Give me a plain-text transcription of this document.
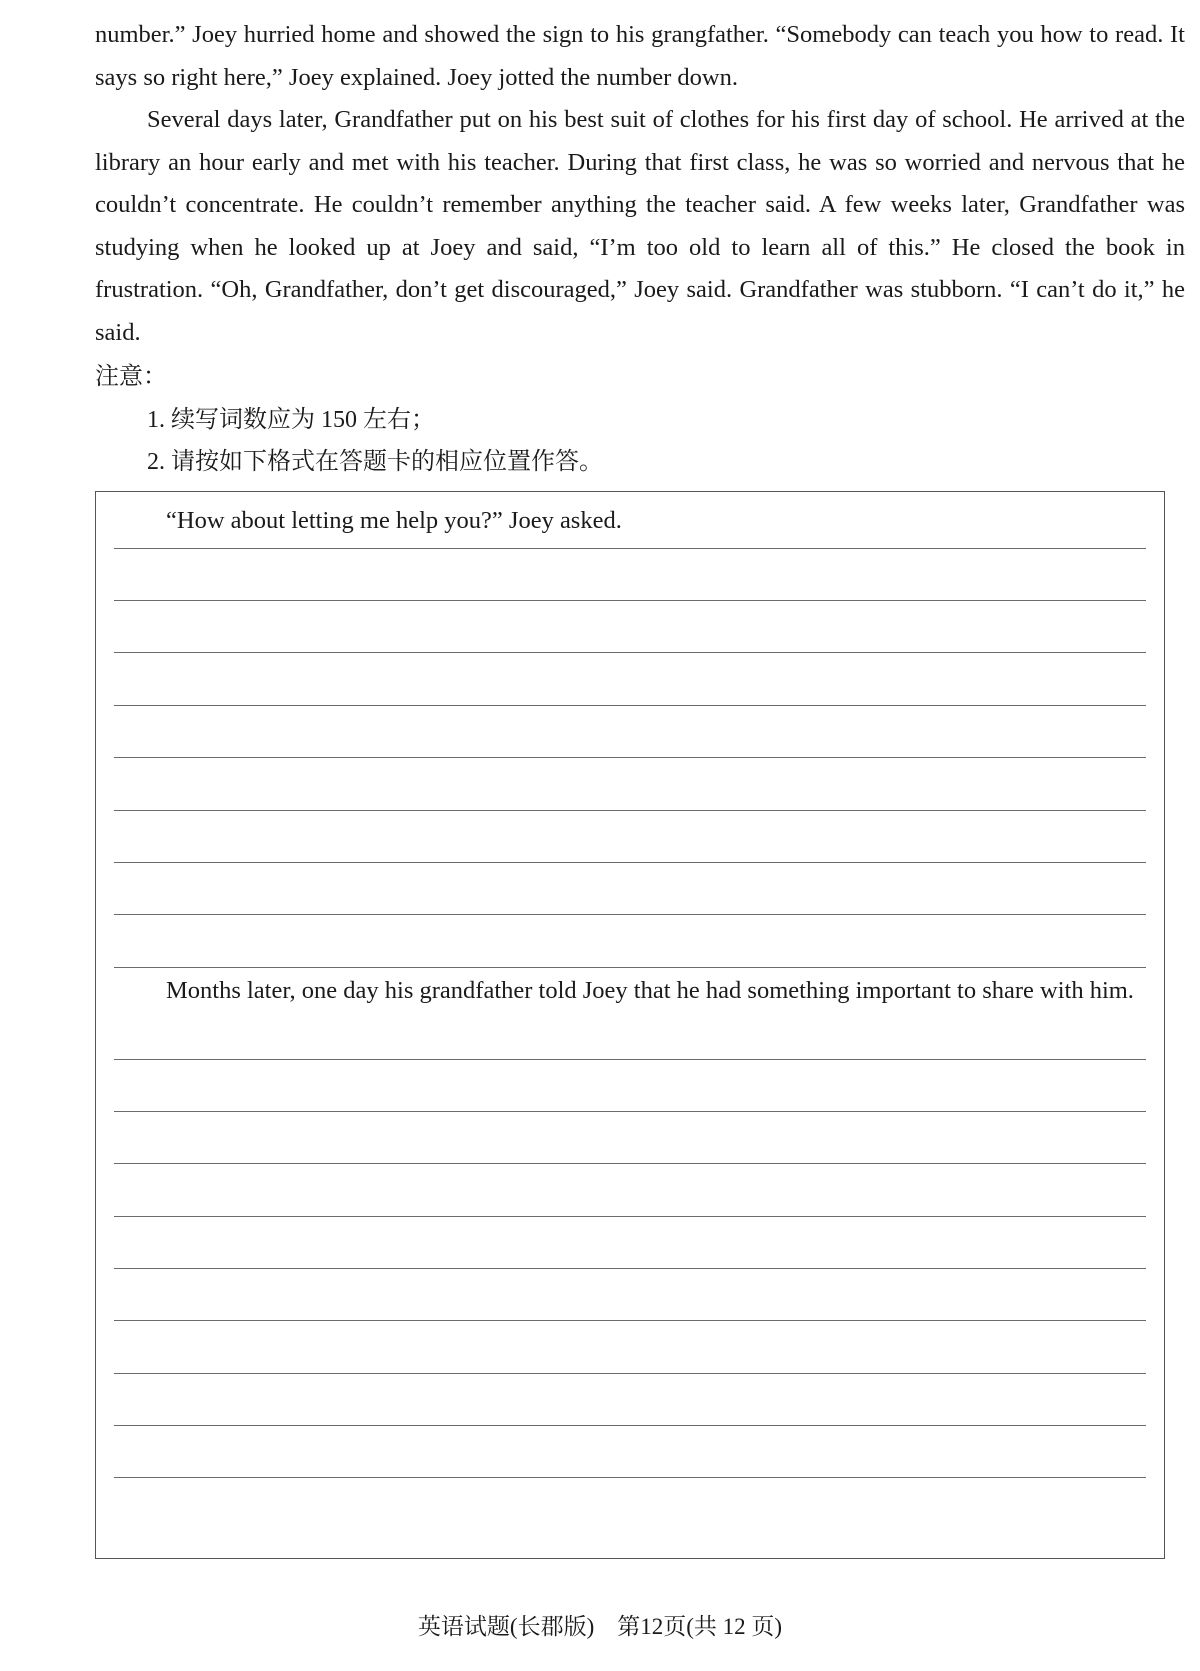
number.” Joey hurried home and showed the sign to his grangfather. “Somebody can teach you how to read. It says so right here,” Joey explained. Joey jotted the number down.

Several days later, Grandfather put on his best suit of clothes for his first day of school. He arrived at the library an hour early and met with his teacher. During that first class, he was so worried and nervous that he couldn’t concentrate. He couldn’t remember anything the teacher said. A few weeks later, Grandfather was studying when he looked up at Joey and said, “I’m too old to learn all of this.” He closed the book in frustration. “Oh, Grandfather, don’t get discouraged,” Joey said. Grandfather was stubborn. “I can’t do it,” he said.

注意：

1. 续写词数应为 150 左右；

2. 请按如下格式在答题卡的相应位置作答。

“How about letting me help you?” Joey asked.
Months later, one day his grandfather told Joey that he had something important to share with him.
英语试题(长郡版)　第12页(共 12 页)
